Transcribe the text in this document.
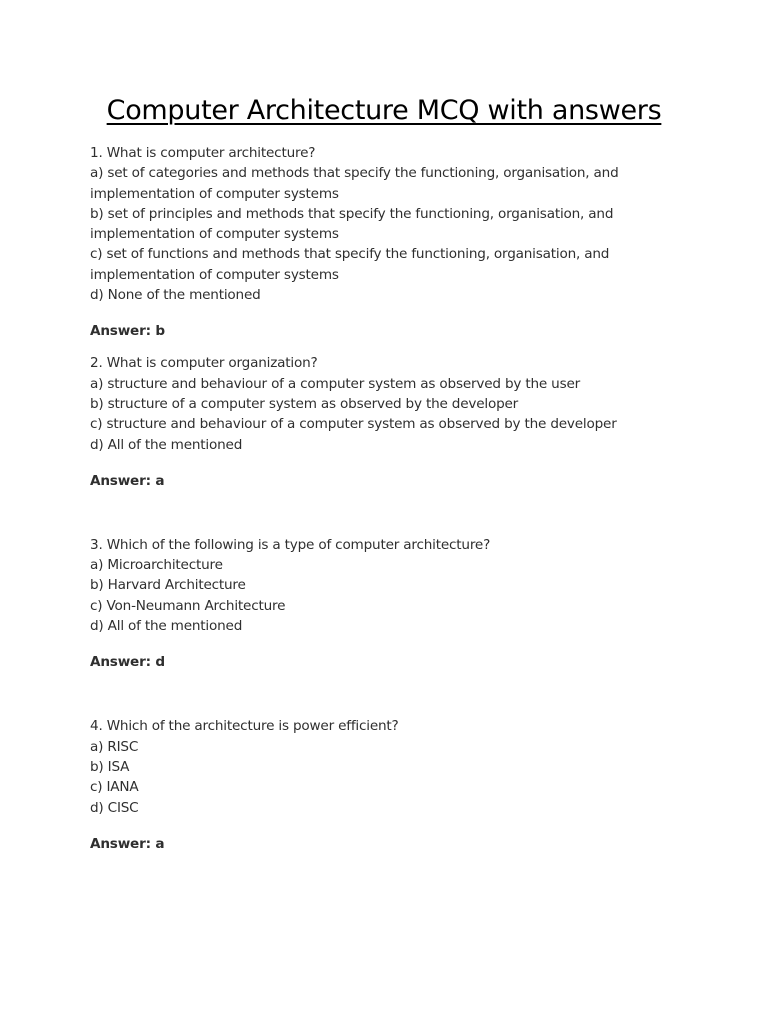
Computer Architecture MCQ with answers
1. What is computer architecture?
a) set of categories and methods that specify the functioning, organisation, and implementation of computer systems
b) set of principles and methods that specify the functioning, organisation, and implementation of computer systems
c) set of functions and methods that specify the functioning, organisation, and implementation of computer systems
d) None of the mentioned
Answer: b
2. What is computer organization?
a) structure and behaviour of a computer system as observed by the user
b) structure of a computer system as observed by the developer
c) structure and behaviour of a computer system as observed by the developer
d) All of the mentioned
Answer: a
3. Which of the following is a type of computer architecture?
a) Microarchitecture
b) Harvard Architecture
c) Von-Neumann Architecture
d) All of the mentioned
Answer: d
4. Which of the architecture is power efficient?
a) RISC
b) ISA
c) IANA
d) CISC
Answer: a
